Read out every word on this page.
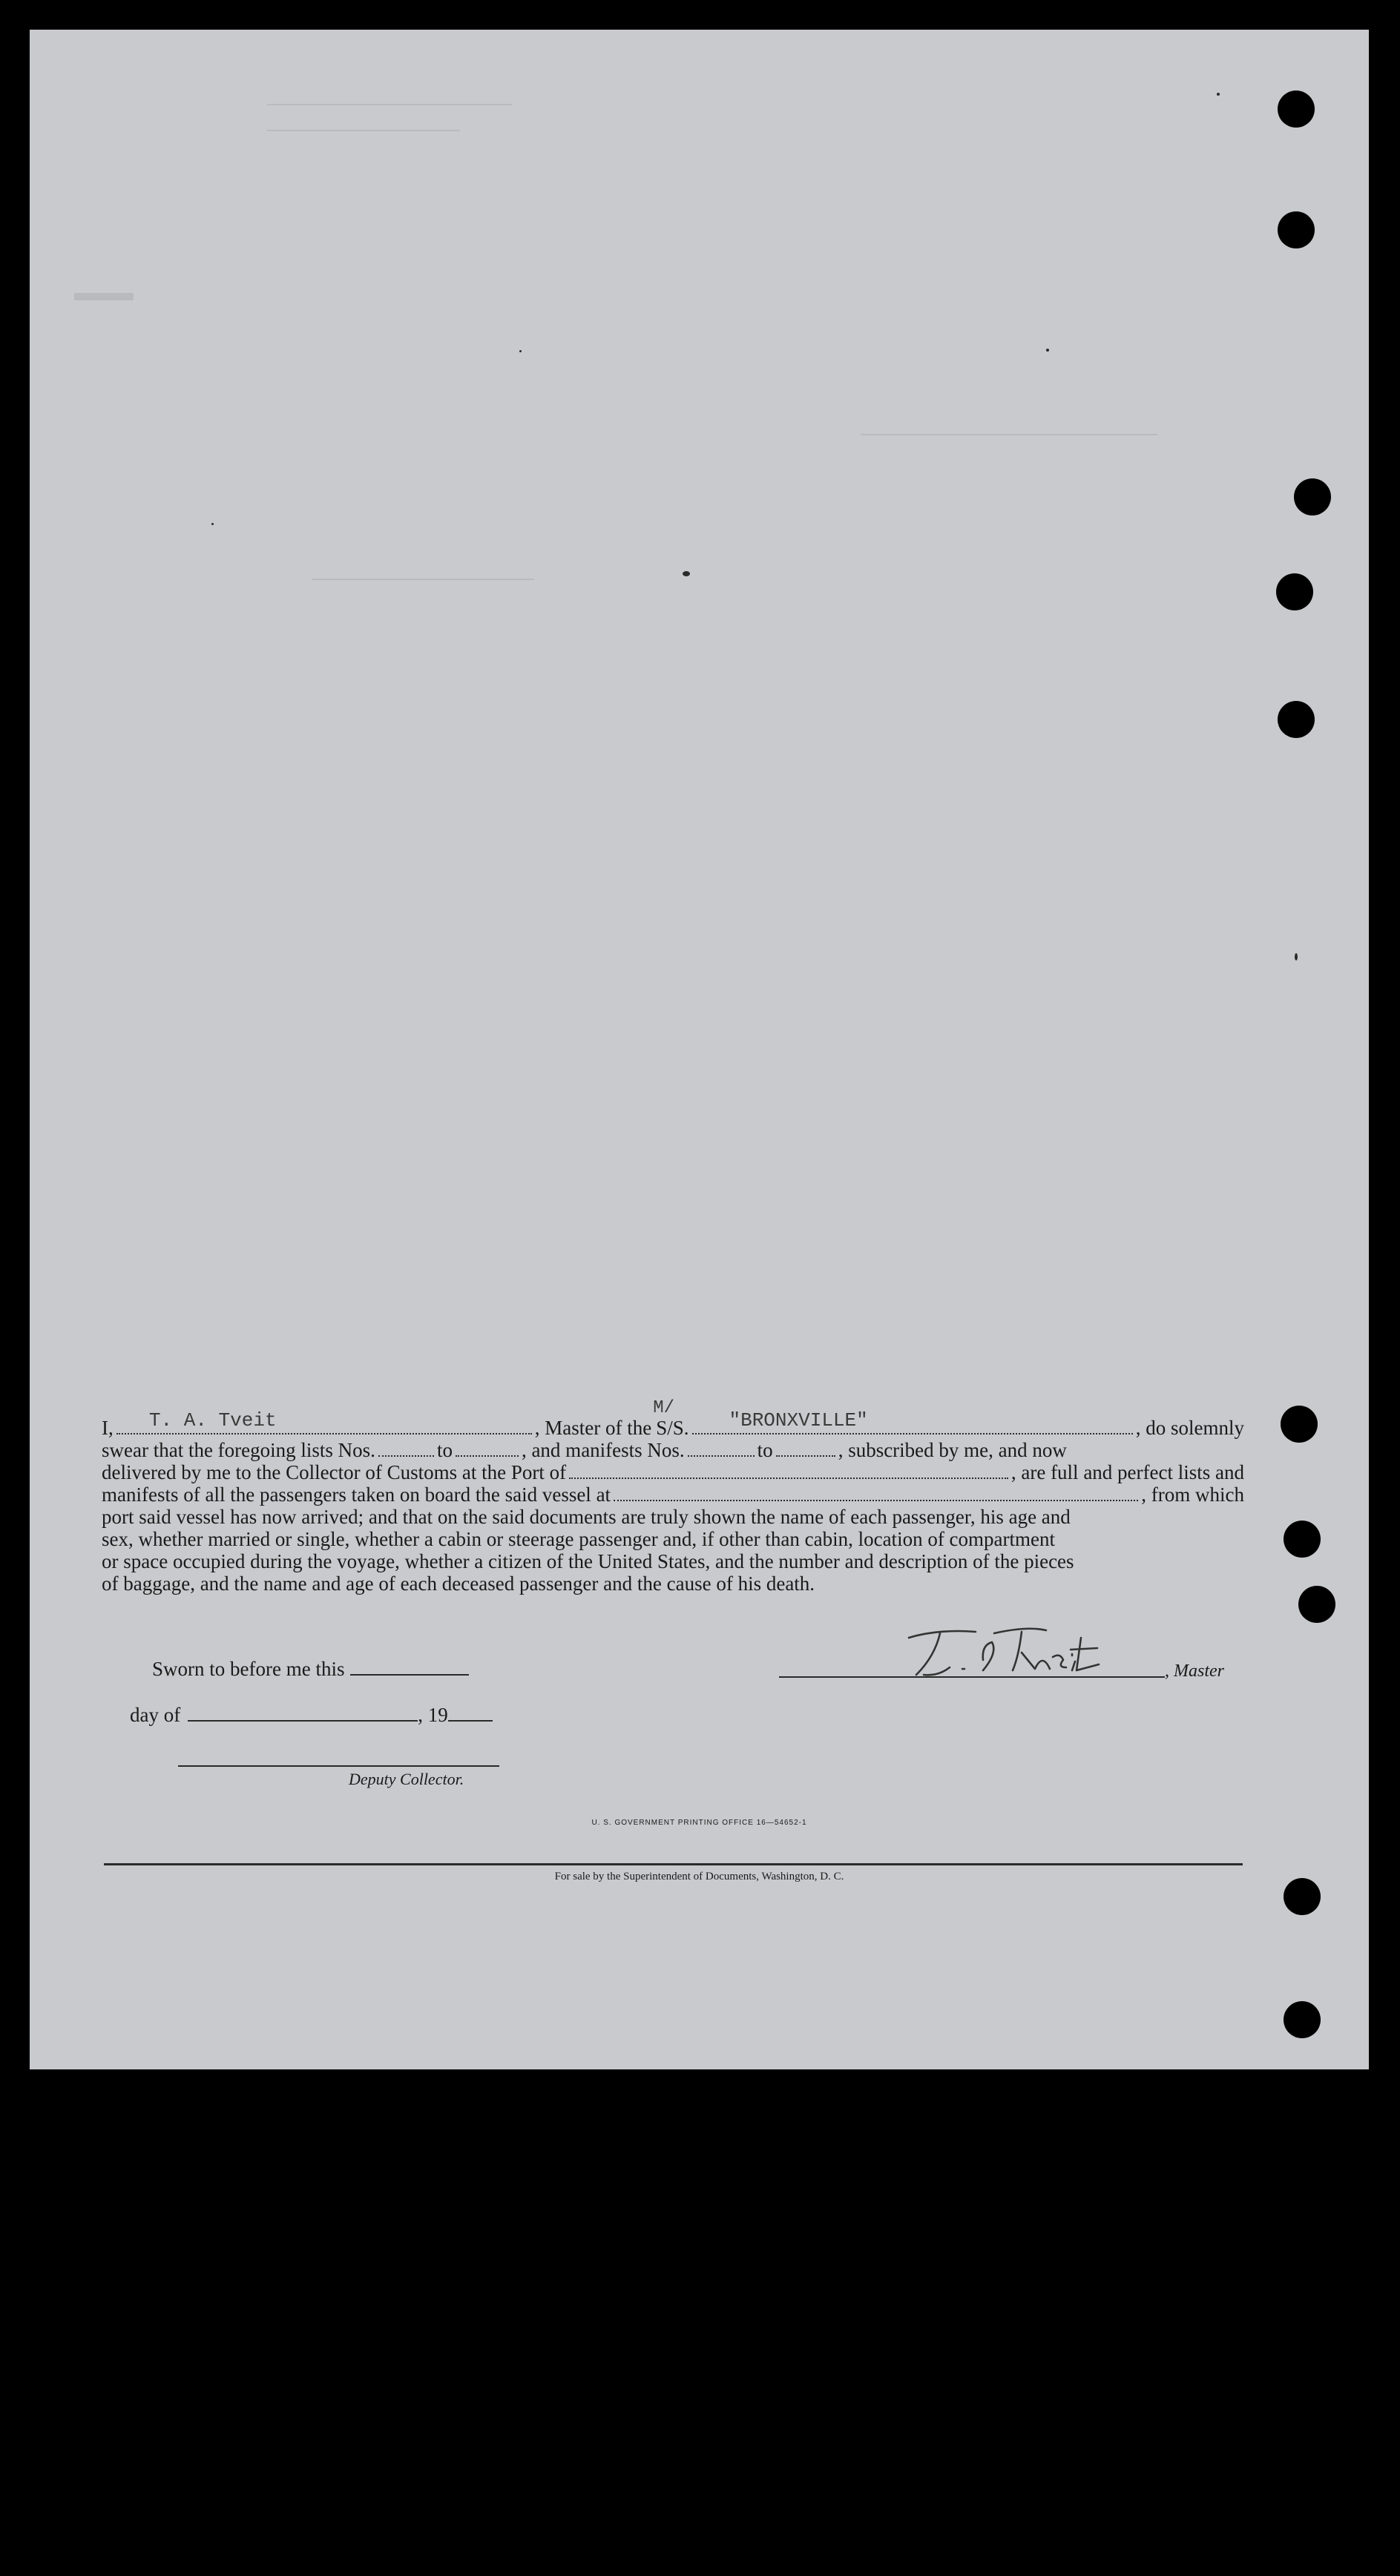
I,	T. A. Tveit	, Master of the
M/
S/S. "BRONXVILLE"	, do solemnly
swear that the foregoing lists Nos.	to	, and manifests Nos.	to	, subscribed by me, and now
delivered by me to the Collector of Customs at the Port of	, are full and perfect lists and
manifests of all the passengers taken on board the said vessel at	, from which
port said vessel has now arrived; and that on the said documents are truly shown the name of each passenger, his age and
sex, whether married or single, whether a cabin or steerage passenger and, if other than cabin, location of compartment
or space occupied during the voyage, whether a citizen of the United States, and the number and description of the pieces
of baggage, and the name and age of each deceased passenger and the cause of his death.
Sworn to before me this
day of	, 19
Deputy Collector.
, Master
U. S. GOVERNMENT PRINTING OFFICE 16—54652-1
For sale by the Superintendent of Documents, Washington, D. C.
